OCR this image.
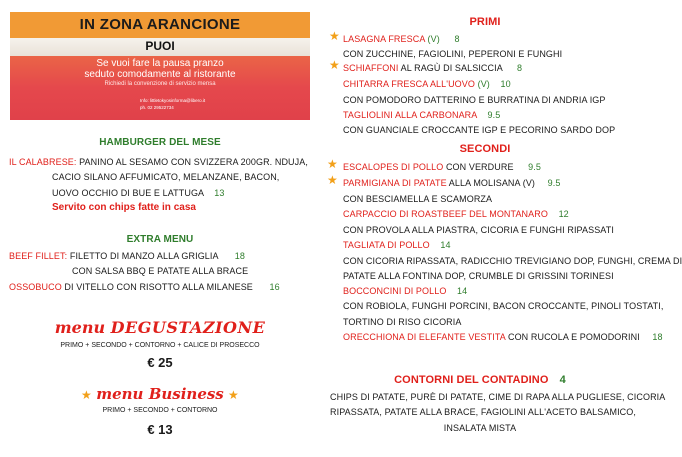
IN ZONA ARANCIONE
PUOI
Se vuoi fare la pausa pranzo
seduto comodamente al ristorante
Richiedi la convenzione di servizio mensa
Info: littletokyosinforma@libero.it
ph. 02 29522734
HAMBURGER DEL MESE
IL CALABRESE: PANINO AL SESAMO CON SVIZZERA 200GR. NDUJA,
CACIO SILANO AFFUMICATO, MELANZANE, BACON,
UOVO OCCHIO DI BUE E LATTUGA 13
Servito con chips fatte in casa
EXTRA MENU
BEEF FILLET: FILETTO DI MANZO ALLA GRIGLIA 18
CON SALSA BBQ E PATATE ALLA BRACE
OSSOBUCO DI VITELLO CON RISOTTO ALLA MILANESE 16
menu DEGUSTAZIONE
PRIMO + SECONDO + CONTORNO + CALICE DI PROSECCO
€ 25
★ menu Business ★
PRIMO + SECONDO + CONTORNO
€ 13
PRIMI
★ LASAGNA FRESCA (V) 8
CON ZUCCHINE, FAGIOLINI, PEPERONI E FUNGHI
★ SCHIAFFONI AL RAGÙ DI SALSICCIA 8
CHITARRA FRESCA ALL'UOVO (V) 10
CON POMODORO DATTERINO E BURRATINA DI ANDRIA IGP
TAGLIOLINI ALLA CARBONARA 9.5
CON GUANCIALE CROCCANTE IGP E PECORINO SARDO DOP
SECONDI
★ ESCALOPES DI POLLO CON VERDURE 9.5
★ PARMIGIANA DI PATATE ALLA MOLISANA (V) 9.5
CON BESCIAMELLA E SCAMORZA
CARPACCIO DI ROASTBEEF DEL MONTANARO 12
CON PROVOLA ALLA PIASTRA, CICORIA E FUNGHI RIPASSATI
TAGLIATA DI POLLO 14
CON CICORIA RIPASSATA, RADICCHIO TREVIGIANO DOP, FUNGHI, CREMA DI
PATATE ALLA FONTINA DOP, CRUMBLE DI GRISSINI TORINESI
BOCCONCINI DI POLLO 14
CON ROBIOLA, FUNGHI PORCINI, BACON CROCCANTE, PINOLI TOSTATI,
TORTINO DI RISO CICORIA
ORECCHIONA DI ELEFANTE VESTITA CON RUCOLA E POMODORINI 18
CONTORNI DEL CONTADINO 4
CHIPS DI PATATE, PURÈ DI PATATE, CIME DI RAPA ALLA PUGLIESE, CICORIA
RIPASSATA, PATATE ALLA BRACE, FAGIOLINI ALL'ACETO BALSAMICO,
INSALATA MISTA
